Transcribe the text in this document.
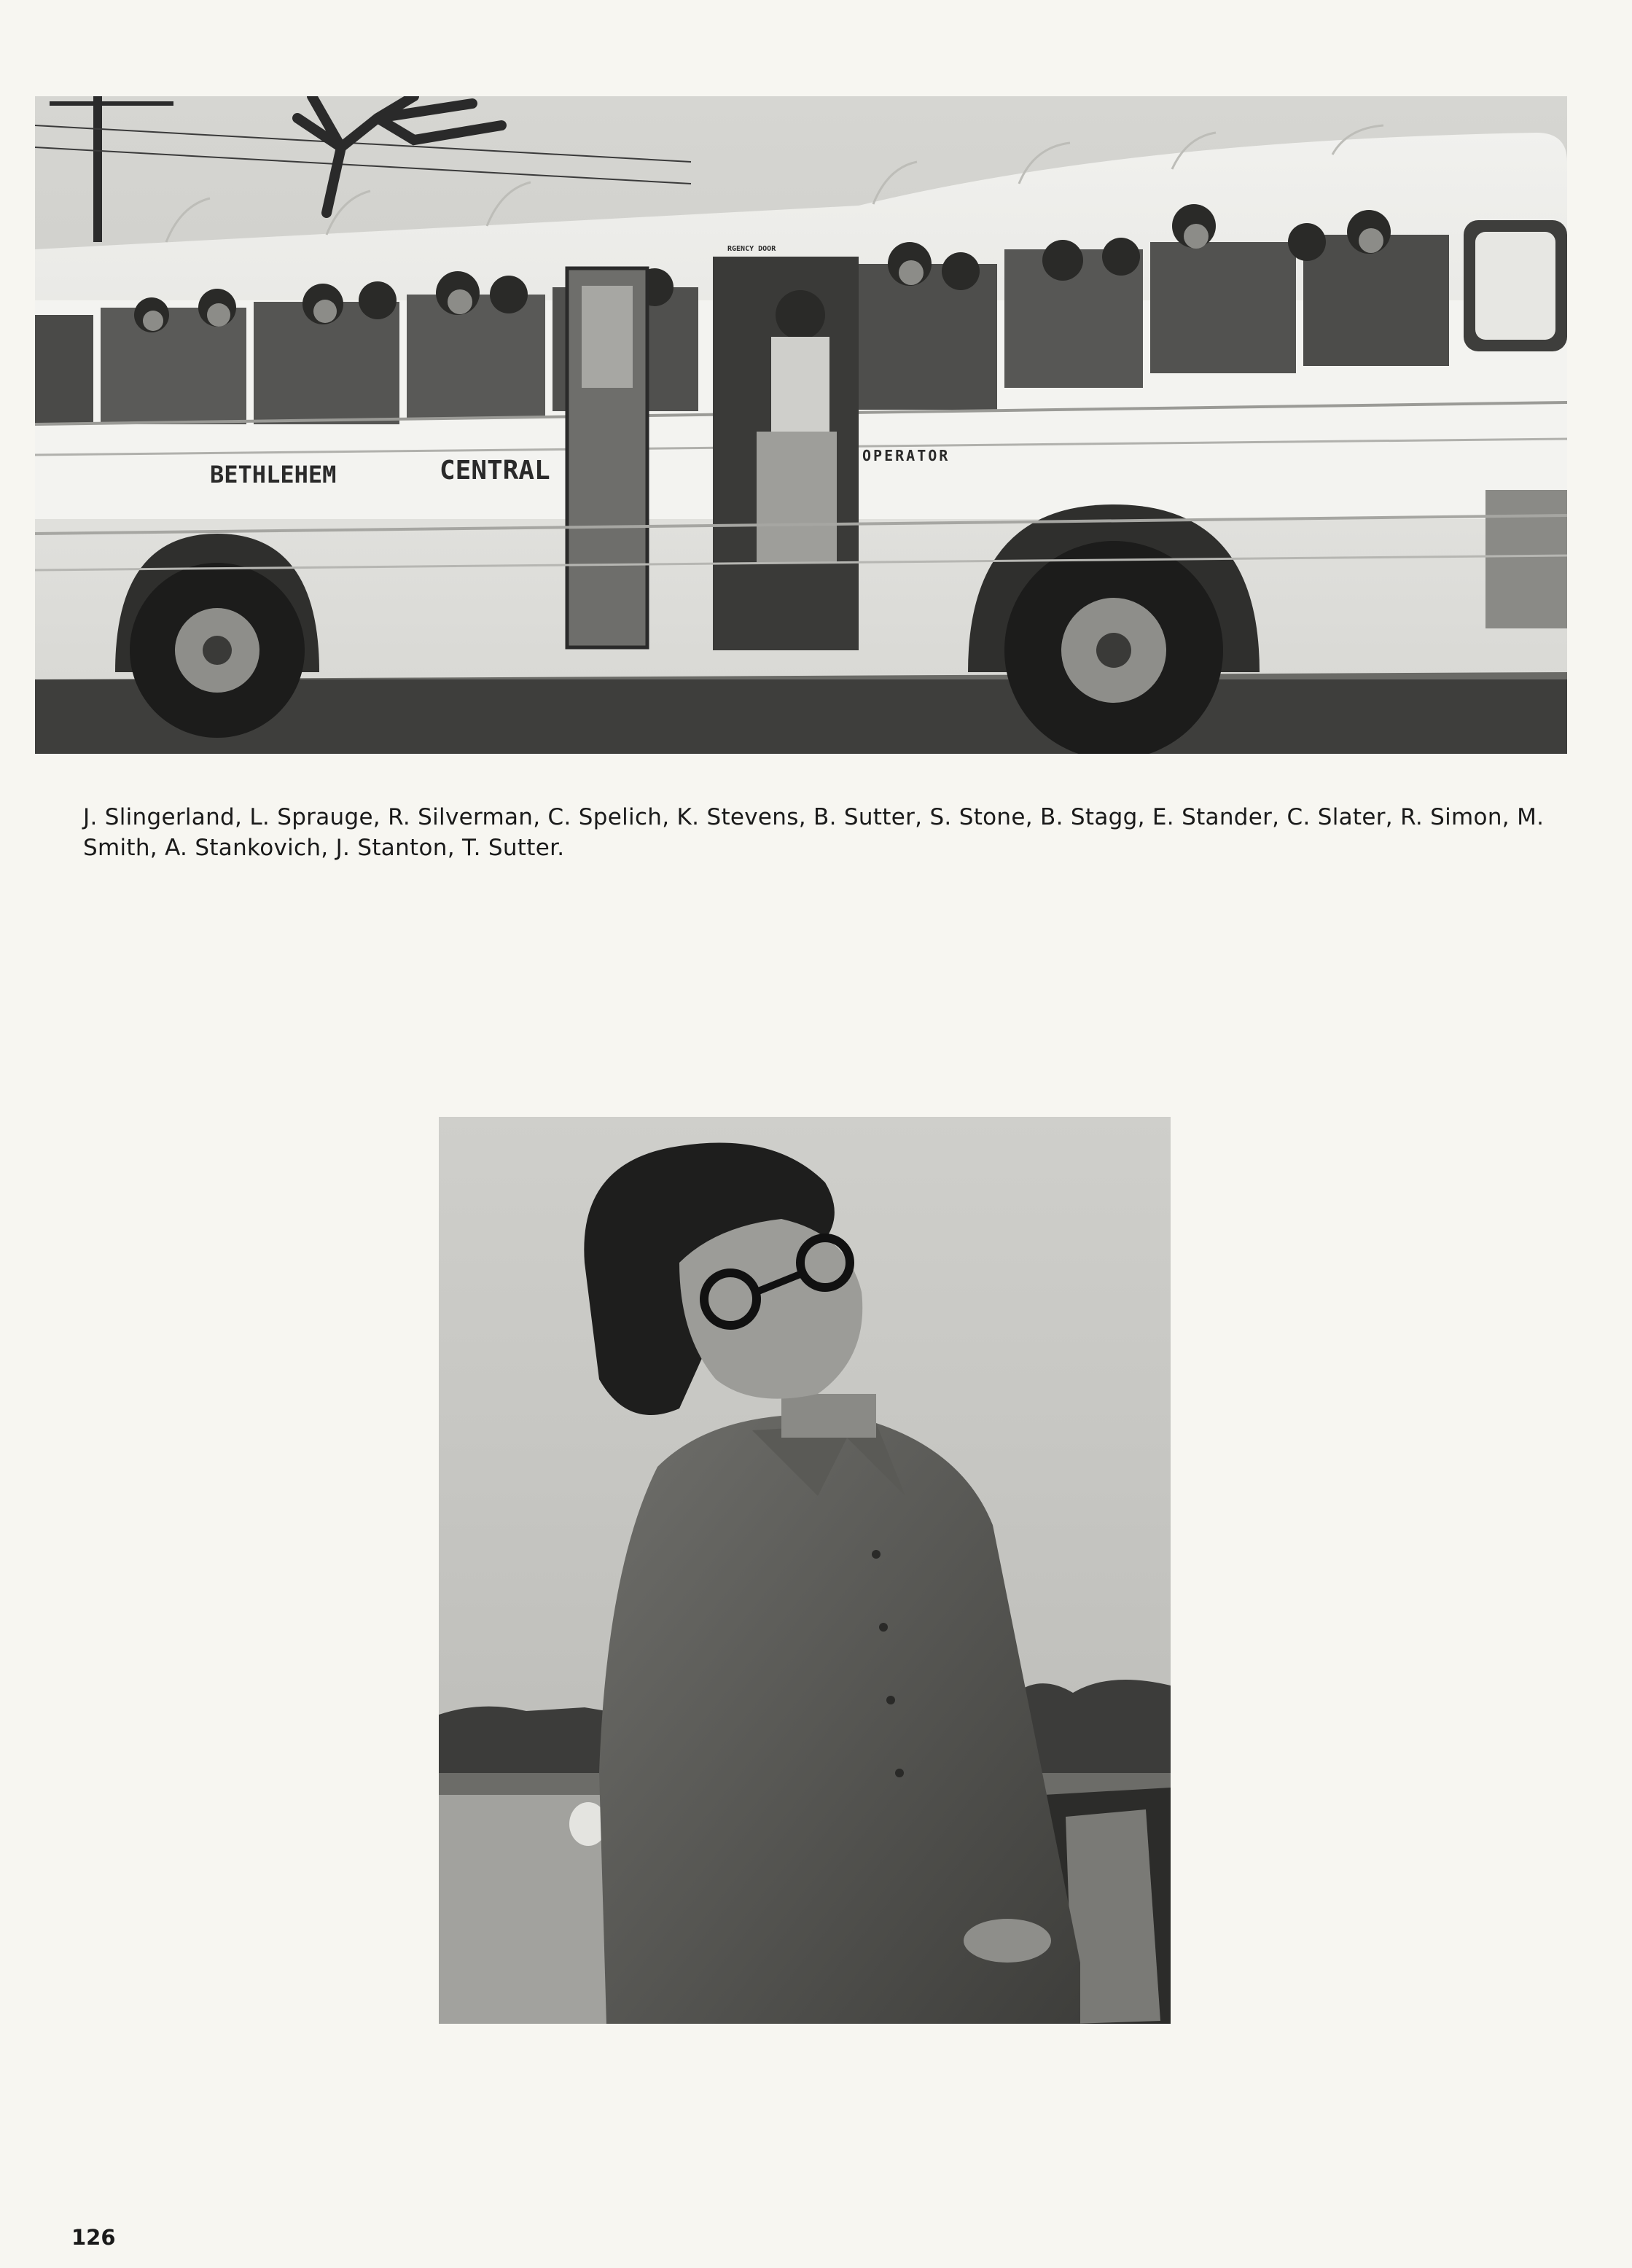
BETHLEHEM	CENTRAL	OPERATOR
RGENCY DOOR
J. Slingerland, L. Sprauge, R. Silverman, C. Spelich, K. Stevens, B. Sutter, S. Stone, B. Stagg, E. Stander, C. Slater, R. Simon, M. Smith, A. Stankovich, J. Stanton, T. Sutter.
126
